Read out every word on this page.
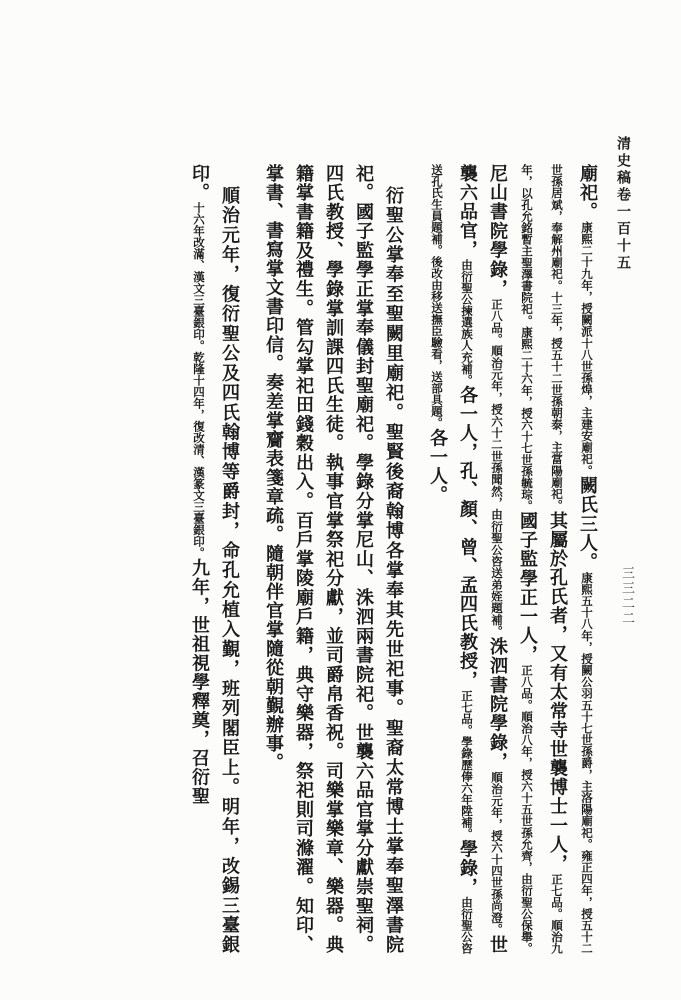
清史稿卷一百十五
三三二二

廟祀。康熙二十九年，授闕派十八世孫㷆，主建安廟祀。闕氏三人。康熙五十八年，授闕公羽五十七世孫爵，主洛陽廟祀。雍正四年，授五十二世孫居斌，奉解州廟祀。十三年，授五十二世孫朝泰，主當陽廟祀。其屬於孔氏者，又有太常寺世襲博士一人，正七品。順治九年，以孔允銘暫主聖澤書院祀。康熙二十六年，授六十七世孫毓琮。國子監學正一人，正八品。順治八年，授六十五世孫允齊，由衍聖公保舉。尼山書院學錄，正八品。順治元年，授六十二世孫聞然，由衍聖公咨送弟姪題補。洙泗書院學錄，順治元年，授六十四世孫尚澄。世襲六品官，由衍聖公揀選族人充補。各一人，孔、顏、曾、孟四氏教授，正七品。學錄歷俸六年陞補。學錄，由衍聖公咨送孔氏生員題補。後改由移送撫臣驗看，送部具題。各一人。

衍聖公掌奉至聖闕里廟祀。聖賢後裔翰博各掌奉其先世祀事。聖裔太常博士掌奉聖澤書院祀。國子監學正掌奉儀封聖廟祀。學錄分掌尼山、洙泗兩書院祀。世襲六品官掌分獻崇聖祠。四氏教授、學錄掌訓課四氏生徒。執事官掌祭祀分獻，並司爵帛香祝。司樂掌樂章、樂器。典籍掌書籍及禮生。管勾掌祀田錢穀出入。百戶掌陵廟戶籍，典守樂器，祭祀則司滌濯。知印、掌書、書寫掌文書印信。奏差掌齎表箋章疏。隨朝伴官掌隨從朝覲辦事。

順治元年，復衍聖公及四氏翰博等爵封，命孔允植入覲，班列閣臣上。明年，改錫三臺銀印。十六年改滿、漢文三臺銀印。乾隆十四年，復改清、漢篆文三臺銀印。九年，世祖視學釋奠，召衍聖
